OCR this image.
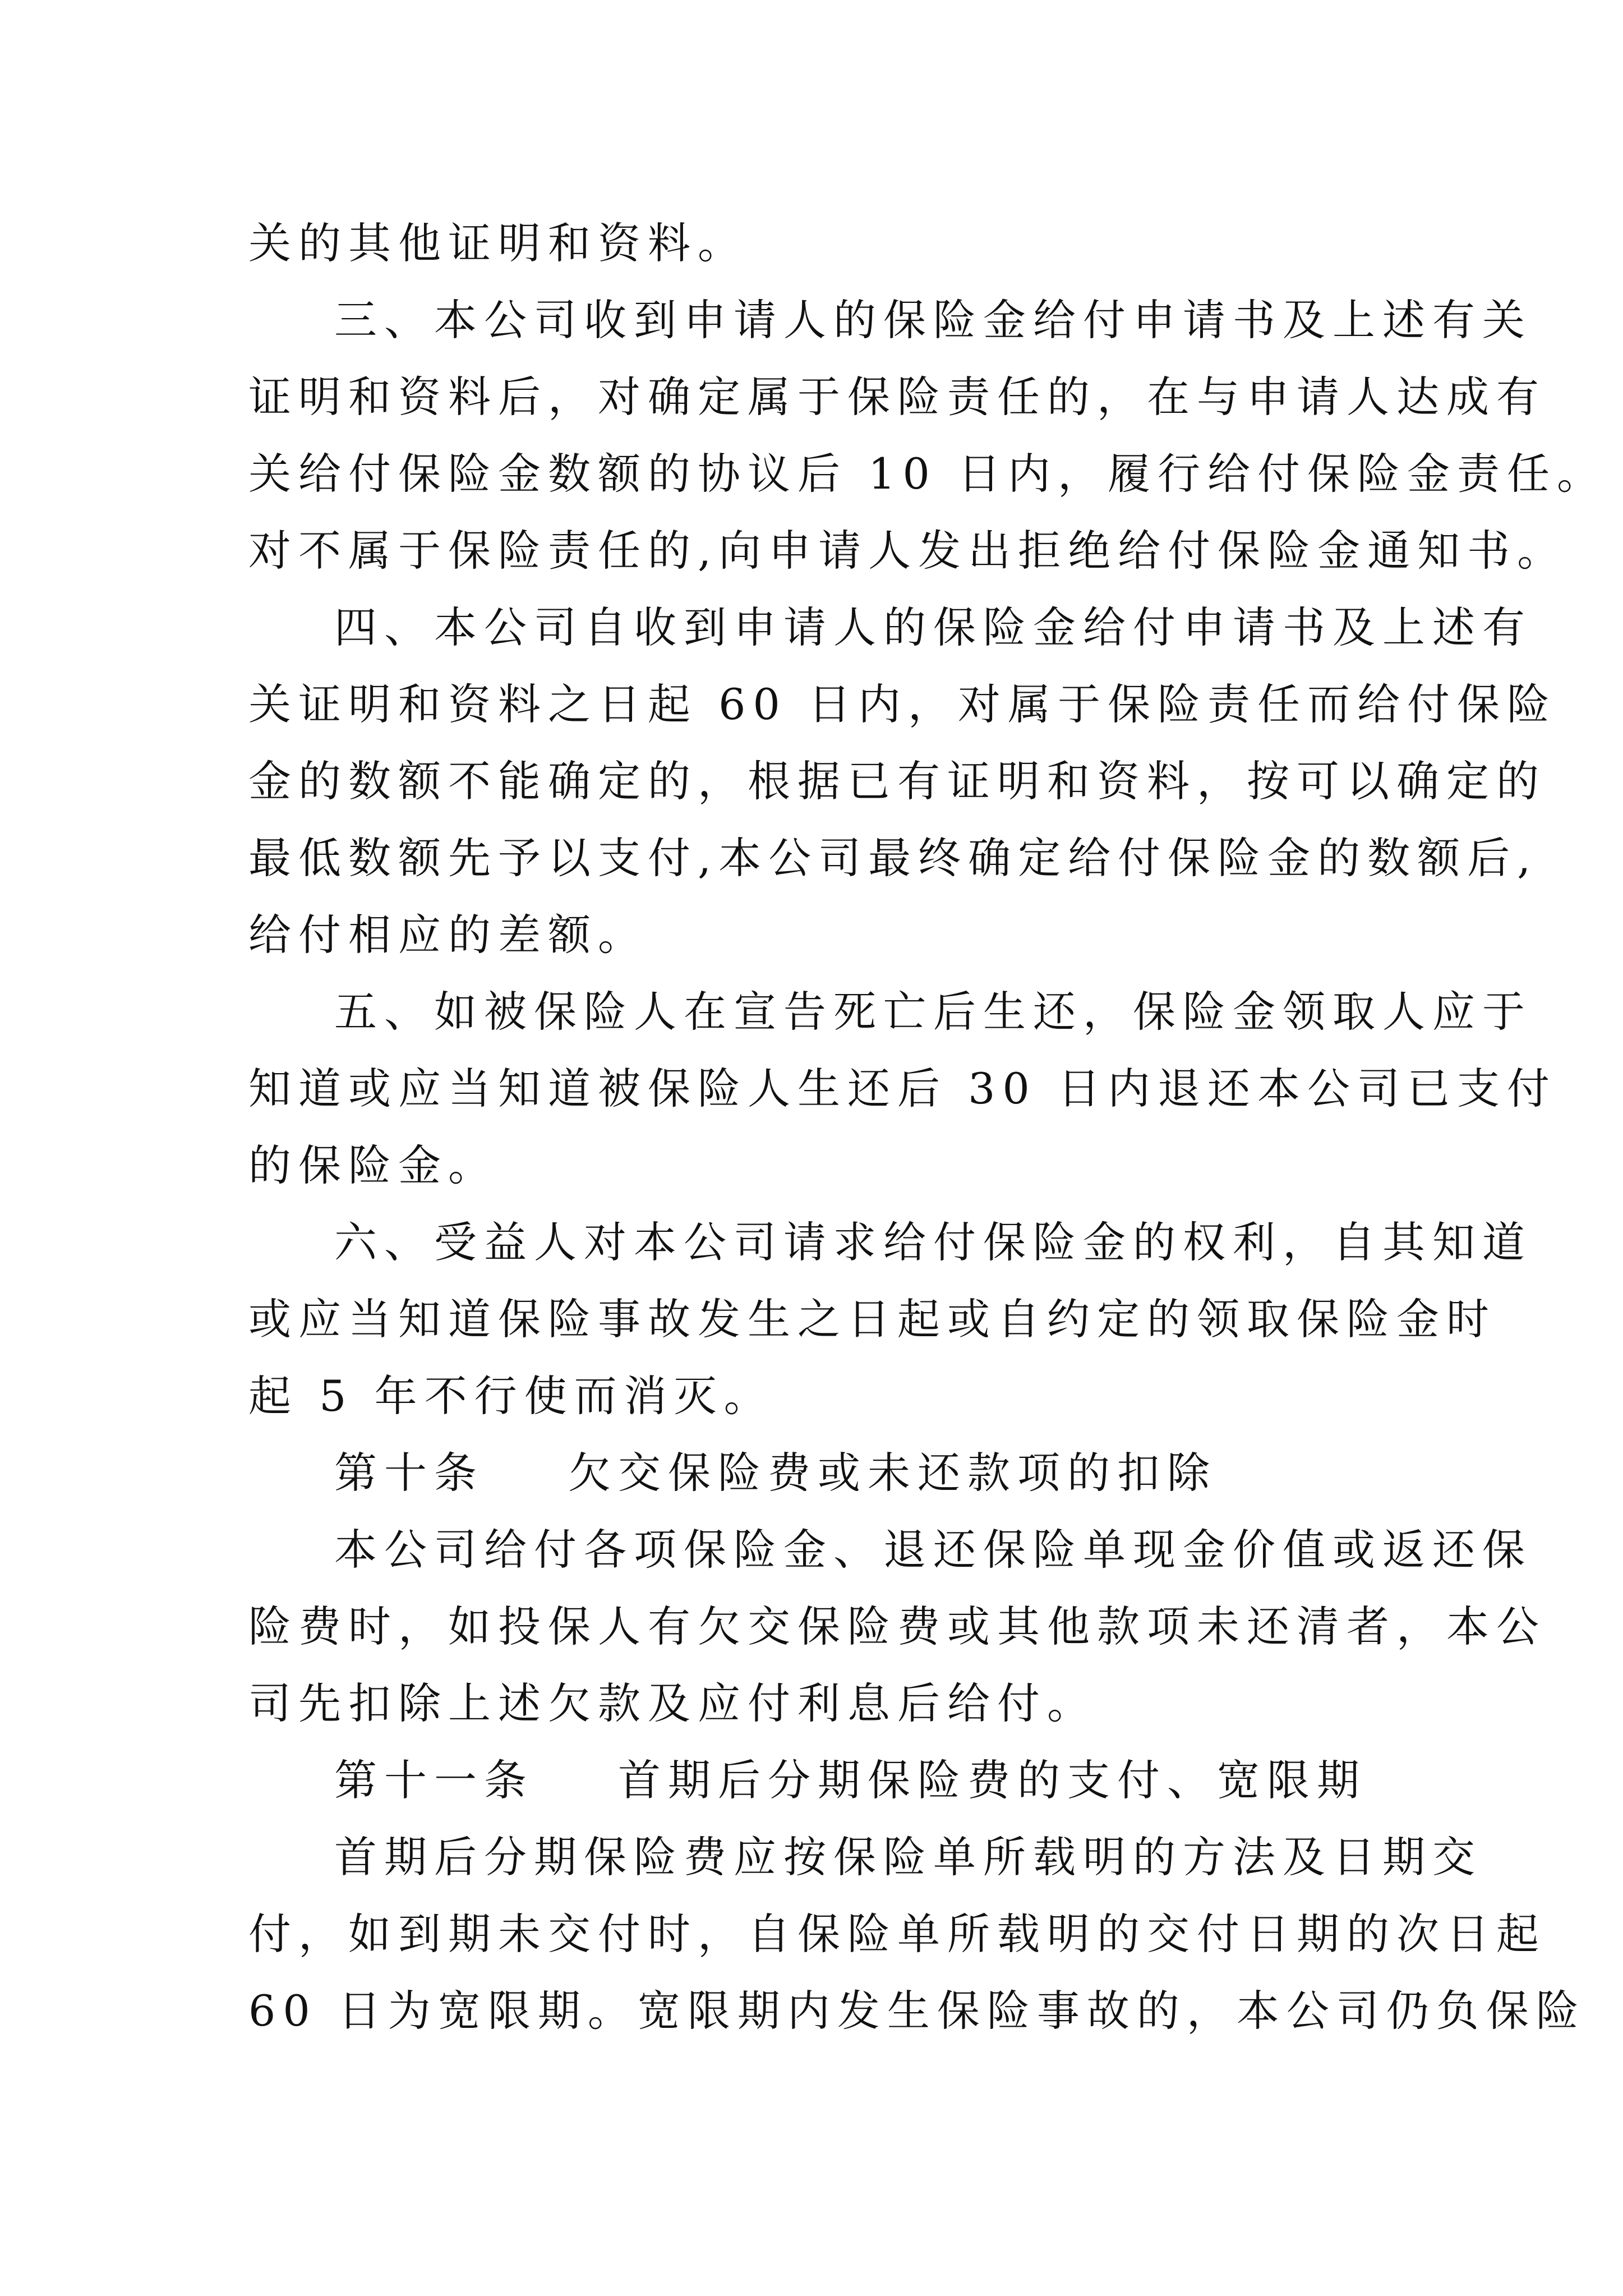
关的其他证明和资料。
三、本公司收到申请人的保险金给付申请书及上述有关
证明和资料后，对确定属于保险责任的，在与申请人达成有
关给付保险金数额的协议后 10 日内，履行给付保险金责任。
对不属于保险责任的,向申请人发出拒绝给付保险金通知书。
四、本公司自收到申请人的保险金给付申请书及上述有
关证明和资料之日起 60 日内，对属于保险责任而给付保险
金的数额不能确定的，根据已有证明和资料，按可以确定的
最低数额先予以支付,本公司最终确定给付保险金的数额后,
给付相应的差额。
五、如被保险人在宣告死亡后生还，保险金领取人应于
知道或应当知道被保险人生还后 30 日内退还本公司已支付
的保险金。
六、受益人对本公司请求给付保险金的权利，自其知道
或应当知道保险事故发生之日起或自约定的领取保险金时
起 5 年不行使而消灭。
第十条 欠交保险费或未还款项的扣除
本公司给付各项保险金、退还保险单现金价值或返还保
险费时，如投保人有欠交保险费或其他款项未还清者，本公
司先扣除上述欠款及应付利息后给付。
第十一条 首期后分期保险费的支付、宽限期
首期后分期保险费应按保险单所载明的方法及日期交
付，如到期未交付时，自保险单所载明的交付日期的次日起
60 日为宽限期。宽限期内发生保险事故的，本公司仍负保险
